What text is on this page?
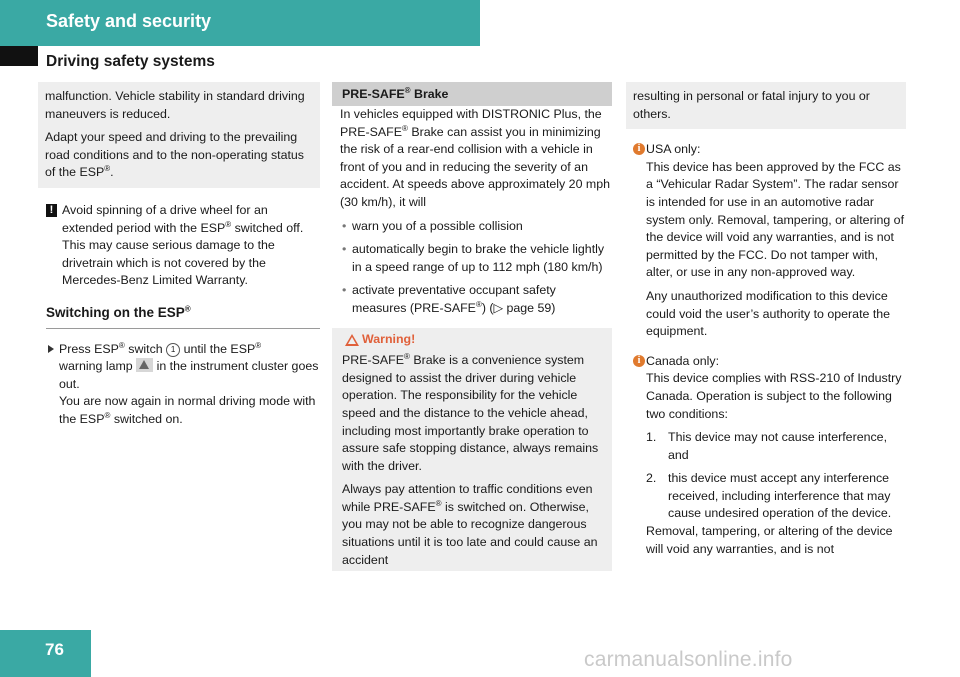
Safety and security
Driving safety systems

malfunction. Vehicle stability in standard driving maneuvers is reduced.

Adapt your speed and driving to the prevailing road conditions and to the non-operating status of the ESP®.

! Avoid spinning of a drive wheel for an extended period with the ESP® switched off. This may cause serious damage to the drivetrain which is not covered by the Mercedes-Benz Limited Warranty.
Switching on the ESP®

Press ESP® switch 1 until the ESP®

warning lamp  in the instrument cluster goes out.

You are now again in normal driving mode with the ESP® switched on.

PRE-SAFE® Brake

In vehicles equipped with DISTRONIC Plus, the PRE-SAFE® Brake can assist you in minimizing the risk of a rear-end collision with a vehicle in front of you and in reducing the severity of an accident. At speeds above approximately 20 mph (30 km/h), it will

• warn you of a possible collision
• automatically begin to brake the vehicle lightly in a speed range of up to 112 mph (180 km/h)
• activate preventative occupant safety measures (PRE-SAFE®) (▷ page 59)
Warning!

PRE-SAFE® Brake is a convenience system designed to assist the driver during vehicle operation. The responsibility for the vehicle speed and the distance to the vehicle ahead, including most importantly brake operation to assure safe stopping distance, always remains with the driver.

Always pay attention to traffic conditions even while PRE-SAFE® is switched on. Otherwise, you may not be able to recognize dangerous situations until it is too late and could cause an accident

resulting in personal or fatal injury to you or others.

i USA only:

This device has been approved by the FCC as a “Vehicular Radar System”. The radar sensor is intended for use in an automotive radar system only. Removal, tampering, or altering of the device will void any warranties, and is not permitted by the FCC. Do not tamper with, alter, or use in any non-approved way.

Any unauthorized modification to this device could void the user’s authority to operate the equipment.

i Canada only:

This device complies with RSS-210 of Industry Canada. Operation is subject to the following two conditions:

1. This device may not cause interference, and
2. this device must accept any interference received, including interference that may cause undesired operation of the device.

Removal, tampering, or altering of the device will void any warranties, and is not

76	carmanualsonline.info
